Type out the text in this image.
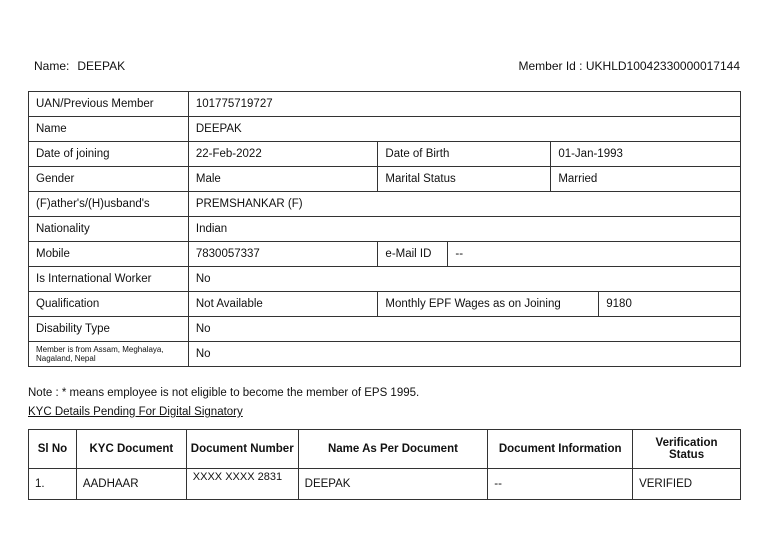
Name: DEEPAK	Member Id : UKHLD10042330000017144
UAN/Previous Member	101775719727				
Name	DEEPAK				
Date of joining	22-Feb-2022	Date of Birth		01-Jan-1993	
Gender	Male	Marital Status		Married	
(F)ather's/(H)usband's	PREMSHANKAR (F)				
Nationality	Indian				
Mobile	7830057337	e-Mail ID	--		
Is International Worker	No				
Qualification	Not Available	Monthly EPF Wages as on Joining			9180
Disability Type	No				
Member is from Assam, Meghalaya, Nagaland, Nepal	No				
Note : * means employee is not eligible to become the member of EPS 1995.
KYC Details Pending For Digital Signatory
Sl No	KYC Document	Document Number	Name As Per Document	Document Information	Verification Status
1.	AADHAAR	XXXX XXXX 2831	DEEPAK	--	VERIFIED
